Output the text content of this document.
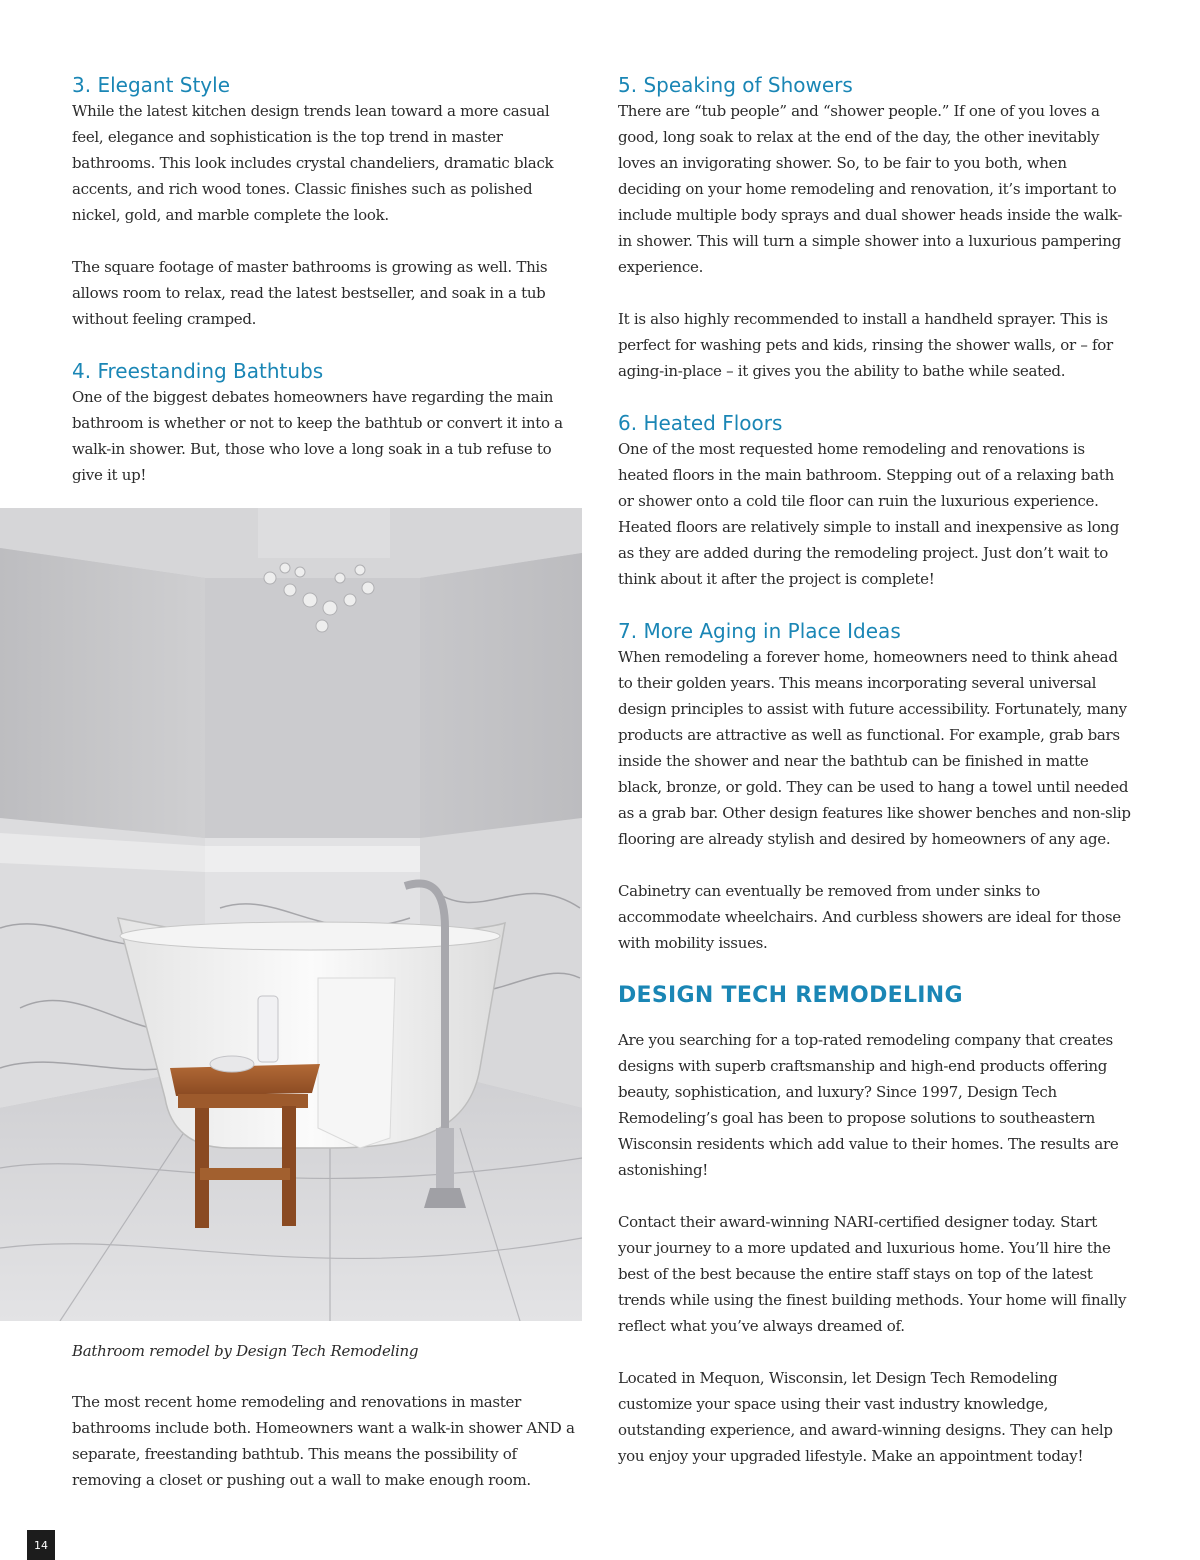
3. Elegant Style

While the latest kitchen design trends lean toward a more casual feel, elegance and sophistication is the top trend in master bathrooms. This look includes crystal chandeliers, dramatic black accents, and rich wood tones. Classic finishes such as polished nickel, gold, and marble complete the look.

The square footage of master bathrooms is growing as well. This allows room to relax, read the latest bestseller, and soak in a tub without feeling cramped.

4. Freestanding Bathtubs

One of the biggest debates homeowners have regarding the main bathroom is whether or not to keep the bathtub or convert it into a walk-in shower. But, those who love a long soak in a tub refuse to give it up!

Bathroom remodel by Design Tech Remodeling

The most recent home remodeling and renovations in master bathrooms include both. Homeowners want a walk-in shower AND a separate, freestanding bathtub. This means the possibility of removing a closet or pushing out a wall to make enough room.

5. Speaking of Showers

There are “tub people” and “shower people.” If one of you loves a good, long soak to relax at the end of the day, the other inevitably loves an invigorating shower. So, to be fair to you both, when deciding on your home remodeling and renovation, it’s important to include multiple body sprays and dual shower heads inside the walk-in shower. This will turn a simple shower into a luxurious pampering experience.

It is also highly recommended to install a handheld sprayer. This is perfect for washing pets and kids, rinsing the shower walls, or – for aging-in-place – it gives you the ability to bathe while seated.

6. Heated Floors

One of the most requested home remodeling and renovations is heated floors in the main bathroom. Stepping out of a relaxing bath or shower onto a cold tile floor can ruin the luxurious experience. Heated floors are relatively simple to install and inexpensive as long as they are added during the remodeling project. Just don’t wait to think about it after the project is complete!

7. More Aging in Place Ideas

When remodeling a forever home, homeowners need to think ahead to their golden years. This means incorporating several universal design principles to assist with future accessibility. Fortunately, many products are attractive as well as functional. For example, grab bars inside the shower and near the bathtub can be finished in matte black, bronze, or gold. They can be used to hang a towel until needed as a grab bar. Other design features like shower benches and non-slip flooring are already stylish and desired by homeowners of any age.

Cabinetry can eventually be removed from under sinks to accommodate wheelchairs. And curbless showers are ideal for those with mobility issues.

DESIGN TECH REMODELING

Are you searching for a top-rated remodeling company that creates designs with superb craftsmanship and high-end products offering beauty, sophistication, and luxury? Since 1997, Design Tech Remodeling’s goal has been to propose solutions to southeastern Wisconsin residents which add value to their homes. The results are astonishing!

Contact their award-winning NARI-certified designer today. Start your journey to a more updated and luxurious home. You’ll hire the best of the best because the entire staff stays on top of the latest trends while using the finest building methods. Your home will finally reflect what you’ve always dreamed of.

Located in Mequon, Wisconsin, let Design Tech Remodeling customize your space using their vast industry knowledge, outstanding experience, and award-winning designs. They can help you enjoy your upgraded lifestyle. Make an appointment today!

14
